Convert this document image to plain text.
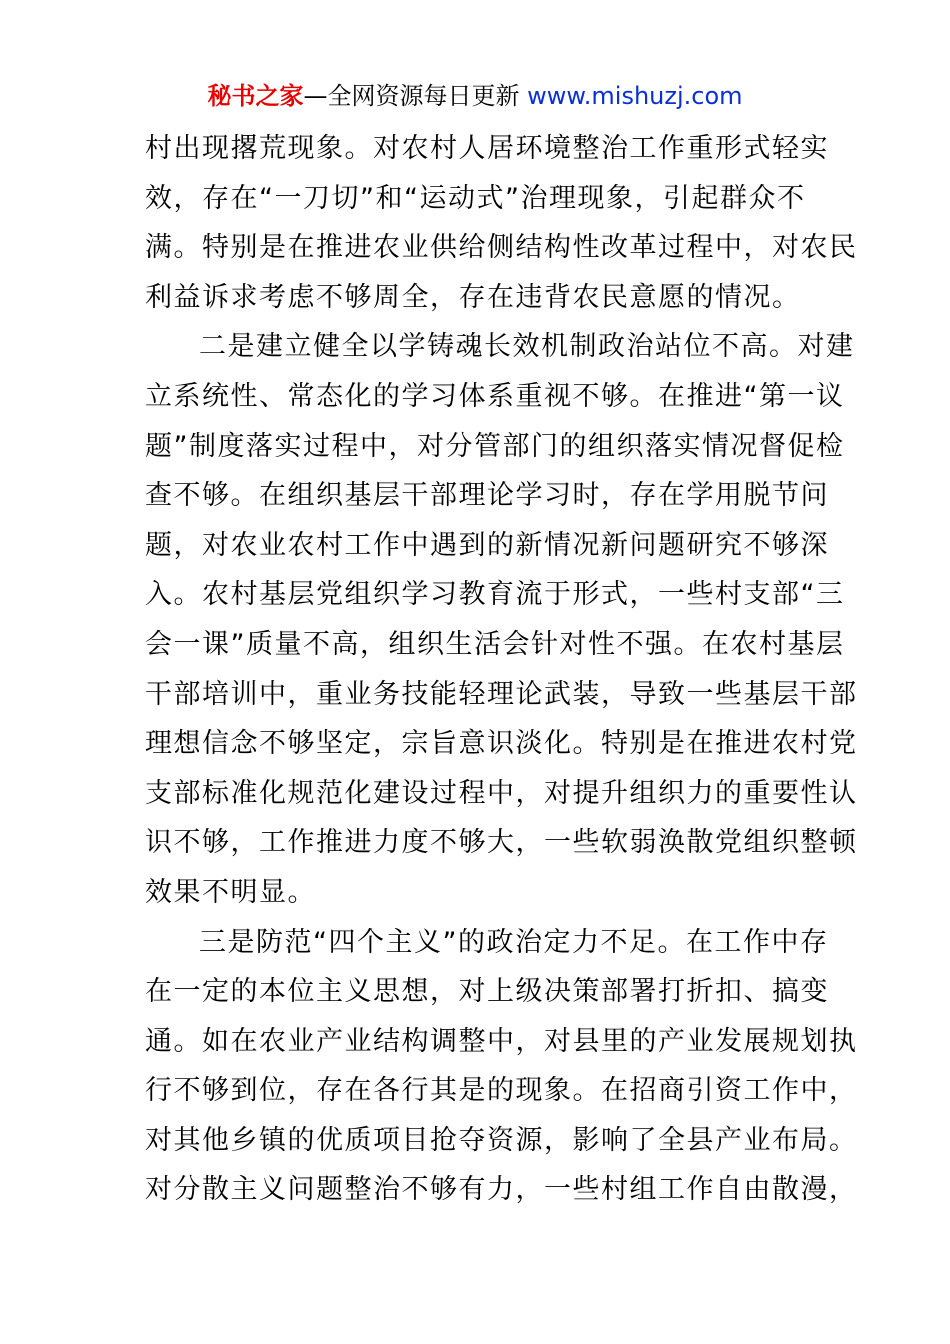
秘书之家—全网资源每日更新 www.mishuzj.com
村出现撂荒现象。对农村人居环境整治工作重形式轻实
效，存在“一刀切”和“运动式”治理现象，引起群众不
满。特别是在推进农业供给侧结构性改革过程中，对农民
利益诉求考虑不够周全，存在违背农民意愿的情况。
二是建立健全以学铸魂长效机制政治站位不高。对建
立系统性、常态化的学习体系重视不够。在推进“第一议
题”制度落实过程中，对分管部门的组织落实情况督促检
查不够。在组织基层干部理论学习时，存在学用脱节问
题，对农业农村工作中遇到的新情况新问题研究不够深
入。农村基层党组织学习教育流于形式，一些村支部“三
会一课”质量不高，组织生活会针对性不强。在农村基层
干部培训中，重业务技能轻理论武装，导致一些基层干部
理想信念不够坚定，宗旨意识淡化。特别是在推进农村党
支部标准化规范化建设过程中，对提升组织力的重要性认
识不够，工作推进力度不够大，一些软弱涣散党组织整顿
效果不明显。
三是防范“四个主义”的政治定力不足。在工作中存
在一定的本位主义思想，对上级决策部署打折扣、搞变
通。如在农业产业结构调整中，对县里的产业发展规划执
行不够到位，存在各行其是的现象。在招商引资工作中，
对其他乡镇的优质项目抢夺资源，影响了全县产业布局。
对分散主义问题整治不够有力，一些村组工作自由散漫，
